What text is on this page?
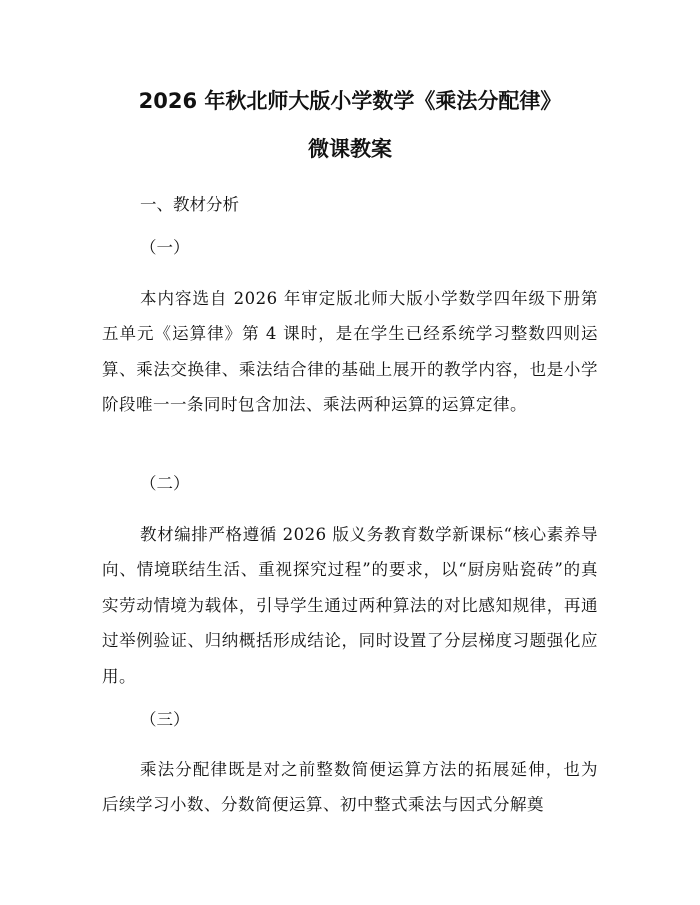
2026 年秋北师大版小学数学《乘法分配律》
微课教案

一、教材分析

（一）

本内容选自 2026 年审定版北师大版小学数学四年级下册第五单元《运算律》第 4 课时，是在学生已经系统学习整数四则运算、乘法交换律、乘法结合律的基础上展开的教学内容，也是小学阶段唯一一条同时包含加法、乘法两种运算的运算定律。

（二）

教材编排严格遵循 2026 版义务教育数学新课标“核心素养导向、情境联结生活、重视探究过程”的要求，以“厨房贴瓷砖”的真实劳动情境为载体，引导学生通过两种算法的对比感知规律，再通过举例验证、归纳概括形成结论，同时设置了分层梯度习题强化应用。

（三）

乘法分配律既是对之前整数简便运算方法的拓展延伸，也为后续学习小数、分数简便运算、初中整式乘法与因式分解奠
